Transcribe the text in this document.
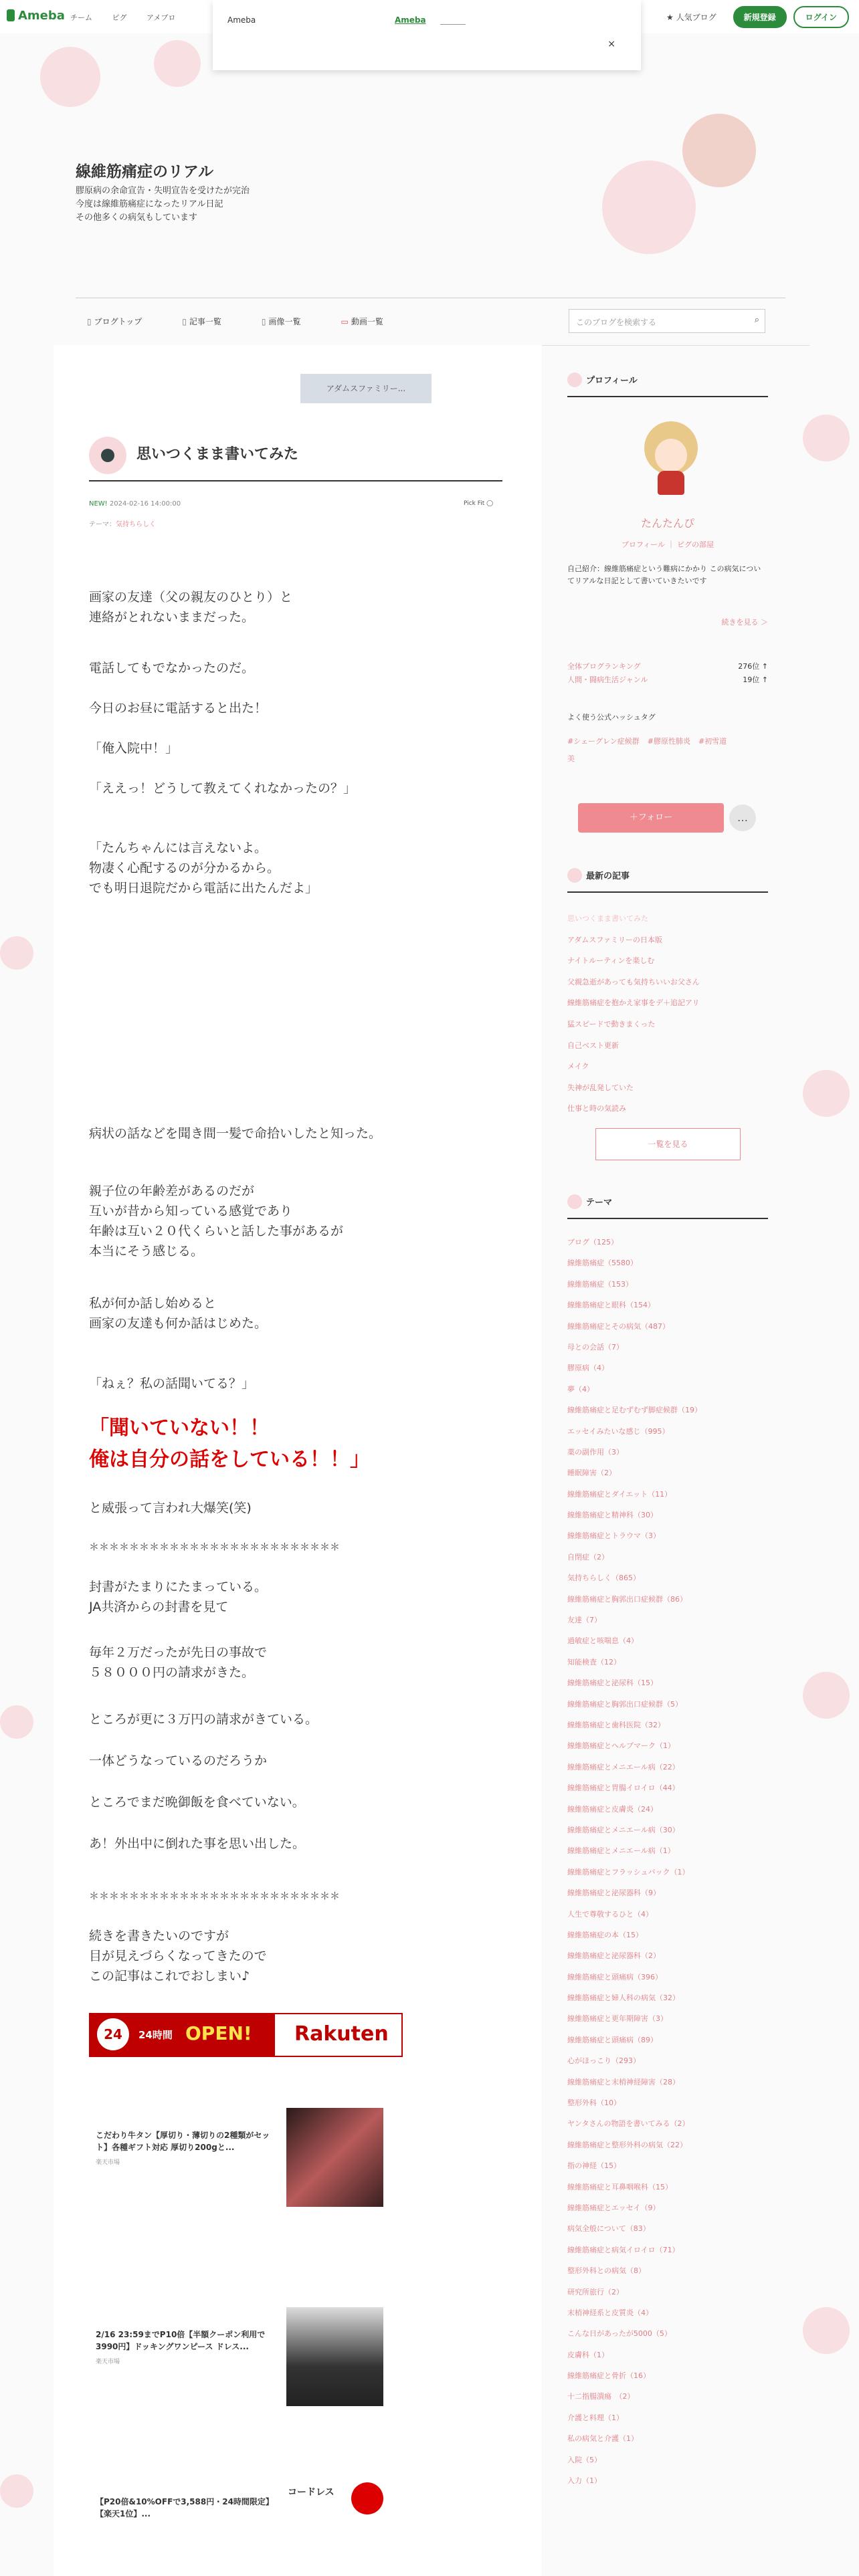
Ameba チーム	ピグ	アメブロ	★ 人気ブログ	新規登録	ログイン
Ameba	Ameba
×
線維筋痛症のリアル
膠原病の余命宣告・失明宣告を受けたが完治
今度は線維筋痛症になったリアル日記
その他多くの病気もしています
▯ ブログトップ	▯ 記事一覧	▯ 画像一覧	▭ 動画一覧	このブログを検索する	⌕
アダムスファミリー...
思いつくまま書いてみた
NEW! 2024-02-16 14:00:00
テーマ：気持ちらしく
Pick Fit ◯
画家の友達（父の親友のひとり）と
連絡がとれないままだった。
電話してもでなかったのだ。
今日のお昼に電話すると出た！
「俺入院中！」
「ええっ！どうして教えてくれなかったの？」
「たんちゃんには言えないよ。
物凄く心配するのが分かるから。
でも明日退院だから電話に出たんだよ」
病状の話などを聞き間一髪で命拾いしたと知った。
親子位の年齢差があるのだが
互いが昔から知っている感覚であり
年齢は互い２０代くらいと話した事があるが
本当にそう感じる。
私が何か話し始めると
画家の友達も何か話はじめた。
「ねぇ？私の話聞いてる？」
「聞いていない！！
俺は自分の話をしている！！」
と威張って言われ大爆笑(笑)
＊＊＊＊＊＊＊＊＊＊＊＊＊＊＊＊＊＊＊＊＊＊＊＊＊
封書がたまりにたまっている。
JA共済からの封書を見て
毎年２万だったが先日の事故で
５８０００円の請求がきた。
ところが更に３万円の請求がきている。
一体どうなっているのだろうか
ところでまだ晩御飯を食べていない。
あ！外出中に倒れた事を思い出した。
＊＊＊＊＊＊＊＊＊＊＊＊＊＊＊＊＊＊＊＊＊＊＊＊＊
続きを書きたいのですが
目が見えづらくなってきたので
この記事はこれでおしまい♪
24	24時間 OPEN! Rakuten
こだわり牛タン【厚切り・薄切りの2種類がセット】各種ギフト対応 厚切り200gと...
楽天市場
2/16 23:59までP10倍【半額クーポン利用で3990円】ドッキングワンピース ドレス...
楽天市場
【P20倍&10%OFFで3,588円・24時間限定】【楽天1位】...
コードレス
プロフィール
たんたんぴ
プロフィール ｜ ピグの部屋
自己紹介：線維筋痛症という難病にかかり この病気についてリアルな日記として書いていきたいです
続きを見る ＞
全体ブログランキング	276位 ↑
人間・闘病生活ジャンル	19位 ↑
よく使う公式ハッシュタグ
#シェーグレン症候群 #膠原性肺炎 #初雪道
美
＋フォロー	…
最新の記事
思いつくまま書いてみた
アダムスファミリーの日本版
ナイトルーティンを楽しむ
父親急逝があっても気持ちいいお父さん
線維筋痛症を抱かえ家事をデ＋追記アリ
猛スピードで動きまくった
自己ベスト更新
メイク
失神が乱発していた
仕事と時の気読み
一覧を見る
テーマ
ブログ（125）
線維筋痛症（5580）
線維筋痛症（153）
線維筋痛症と眼科（154）
線維筋痛症とその病気（487）
母との会話（7）
膠原病（4）
夢（4）
線維筋痛症と足むずむず脚症候群（19）
エッセイみたいな感じ（995）
薬の副作用（3）
睡眠障害（2）
線維筋痛症とダイエット（11）
線維筋痛症と精神科（30）
線維筋痛症とトラウマ（3）
自閉症（2）
気持ちらしく（865）
線維筋痛症と胸郭出口症候群（86）
友達（7）
過敏症と咳喘息（4）
知能検査（12）
線維筋痛症と泌尿科（15）
線維筋痛症と胸郭出口症候群（5）
線維筋痛症と歯科医院（32）
線維筋痛症とヘルプマーク（1）
線維筋痛症とメニエール病（22）
線維筋痛症と胃腸イロイロ（44）
線維筋痛症と皮膚炎（24）
線維筋痛症とメニエール病（30）
線維筋痛症とメニエール病（1）
線維筋痛症とフラッシュバック（1）
線維筋痛症と泌尿器科（9）
人生で尊敬するひと（4）
線維筋痛症の本（15）
線維筋痛症と泌尿器科（2）
線維筋痛症と頭痛病（396）
線維筋痛症と婦人科の病気（32）
線維筋痛症と更年期障害（3）
線維筋痛症と頭痛病（89）
心がほっこり（293）
線維筋痛症と末梢神経障害（28）
整形外科（10）
ヤンタさんの物語を書いてみる（2）
線維筋痛症と整形外科の病気（22）
指の神経（15）
線維筋痛症と耳鼻咽喉科（15）
線維筋痛症とエッセイ（9）
病気全般について（83）
線維筋痛症と病気イロイロ（71）
整形外科との病気（8）
研究所旅行（2）
末梢神経系と皮質炎（4）
こんな日があったが5000（5）
皮膚科（1）
線維筋痛症と骨折（16）
十二指腸潰瘍　（2）
介護と料理（1）
私の病気と介護（1）
入院（5）
入力（1）
